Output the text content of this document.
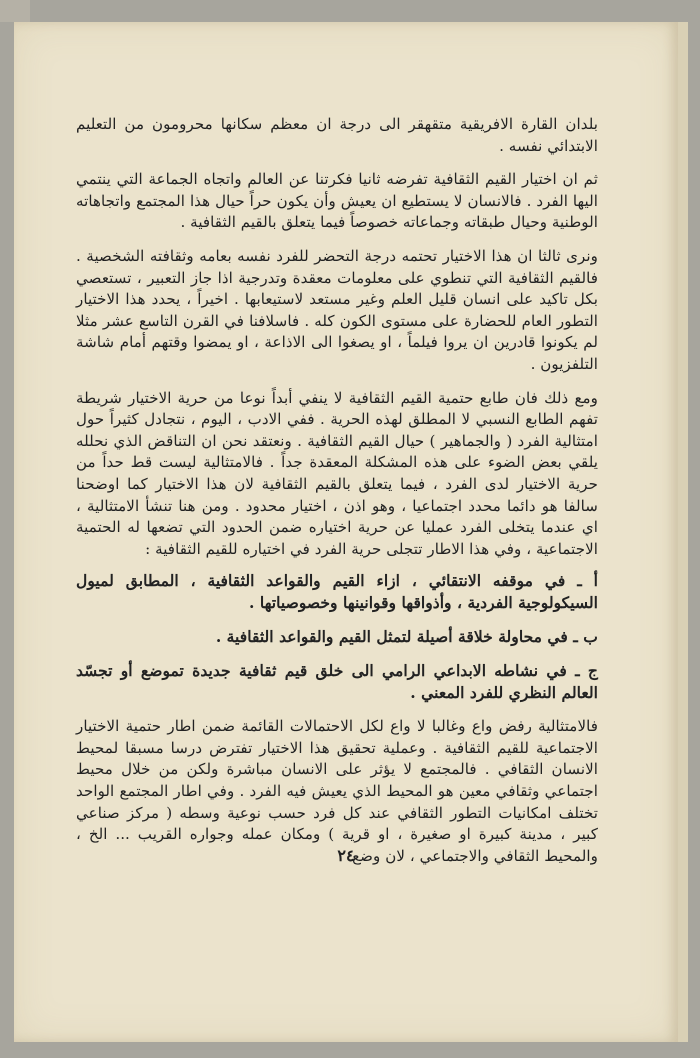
بلدان القارة الافريقية متقهقر الى درجة ان معظم سكانها محرومون من التعليم الابتدائي نفسه .

ثم ان اختيار القيم الثقافية تفرضه ثانيا فكرتنا عن العالم واتجاه الجماعة التي ينتمي اليها الفرد . فالانسان لا يستطيع ان يعيش وأن يكون حراً حيال هذا المجتمع واتجاهاته الوطنية وحيال طبقاته وجماعاته خصوصاً فيما يتعلق بالقيم الثقافية .

ونرى ثالثا ان هذا الاختيار تحتمه درجة التحضر للفرد نفسه بعامه وثقافته الشخصية . فالقيم الثقافية التي تنطوي على معلومات معقدة وتدرجية اذا جاز التعبير ، تستعصي بكل تاكيد على انسان قليل العلم وغير مستعد لاستيعابها . اخيراً ، يحدد هذا الاختيار التطور العام للحضارة على مستوى الكون كله . فاسلافنا في القرن التاسع عشر مثلا لم يكونوا قادرين ان يروا فيلماً ، او يصغوا الى الاذاعة ، او يمضوا وقتهم أمام شاشة التلفزيون .

ومع ذلك فان طابع حتمية القيم الثقافية لا ينفي أبداً نوعا من حرية الاختيار شريطة تفهم الطابع النسبي لا المطلق لهذه الحرية . ففي الادب ، اليوم ، نتجادل كثيراً حول امتثالية الفرد ( والجماهير ) حيال القيم الثقافية . ونعتقد نحن ان التناقض الذي نحلله يلقي بعض الضوء على هذه المشكلة المعقدة جداً . فالامتثالية ليست قط حداً من حرية الاختيار لدى الفرد ، فيما يتعلق بالقيم الثقافية لان هذا الاختيار كما اوضحنا سالفا هو دائما محدد اجتماعيا ، وهو اذن ، اختيار محدود . ومن هنا تنشأ الامتثالية ، اي عندما يتخلى الفرد عمليا عن حرية اختياره ضمن الحدود التي تضعها له الحتمية الاجتماعية ، وفي هذا الاطار تتجلى حرية الفرد في اختياره للقيم الثقافية :

أ ـ في موقفه الانتقائي ، ازاء القيم والقواعد الثقافية ، المطابق لميول السيكولوجية الفردية ، وأذواقها وقوانينها وخصوصياتها .

ب ـ في محاولة خلاقة أصيلة لتمثل القيم والقواعد الثقافية .

ج ـ في نشاطه الابداعي الرامي الى خلق قيم ثقافية جديدة تموضع أو تجسّد العالم النظري للفرد المعني .

فالامتثالية رفض واع وغالبا لا واع لكل الاحتمالات القائمة ضمن اطار حتمية الاختيار الاجتماعية للقيم الثقافية . وعملية تحقيق هذا الاختيار تفترض درسا مسبقا لمحيط الانسان الثقافي . فالمجتمع لا يؤثر على الانسان مباشرة ولكن من خلال محيط اجتماعي وثقافي معين هو المحيط الذي يعيش فيه الفرد . وفي اطار المجتمع الواحد تختلف امكانيات التطور الثقافي عند كل فرد حسب نوعية وسطه ( مركز صناعي كبير ، مدينة كبيرة او صغيرة ، او قرية ) ومكان عمله وجواره القريب ... الخ ، والمحيط الثقافي والاجتماعي ، لان وضع

٢٤
